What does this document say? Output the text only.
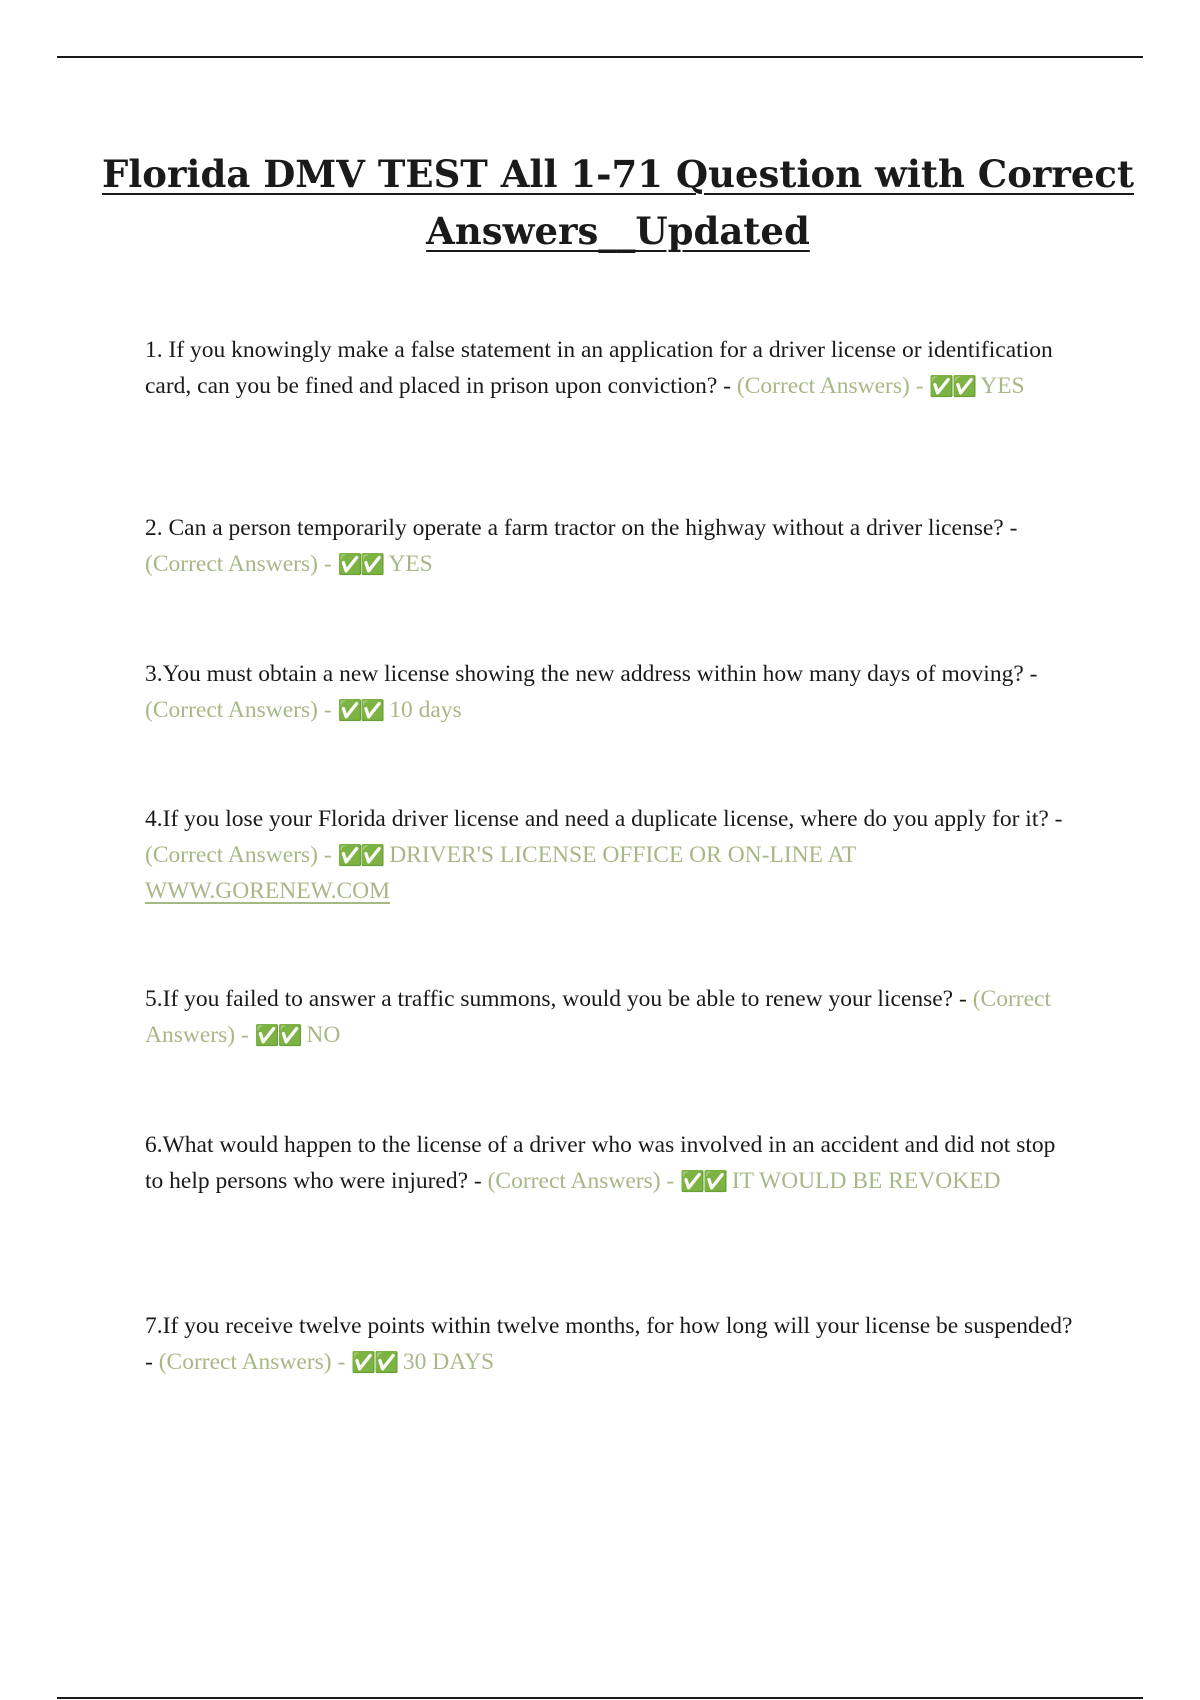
Florida DMV TEST All 1-71 Question with Correct Answers__Updated

1. If you knowingly make a false statement in an application for a driver license or identification card, can you be fined and placed in prison upon conviction? - (Correct Answers) - ✅✅ YES

2. Can a person temporarily operate a farm tractor on the highway without a driver license? - (Correct Answers) - ✅✅ YES

3.You must obtain a new license showing the new address within how many days of moving? - (Correct Answers) - ✅✅ 10 days

4.If you lose your Florida driver license and need a duplicate license, where do you apply for it? - (Correct Answers) - ✅✅ DRIVER'S LICENSE OFFICE OR ON-LINE AT WWW.GORENEW.COM

5.If you failed to answer a traffic summons, would you be able to renew your license? - (Correct Answers) - ✅✅ NO

6.What would happen to the license of a driver who was involved in an accident and did not stop to help persons who were injured? - (Correct Answers) - ✅✅ IT WOULD BE REVOKED

7.If you receive twelve points within twelve months, for how long will your license be suspended? - (Correct Answers) - ✅✅ 30 DAYS
